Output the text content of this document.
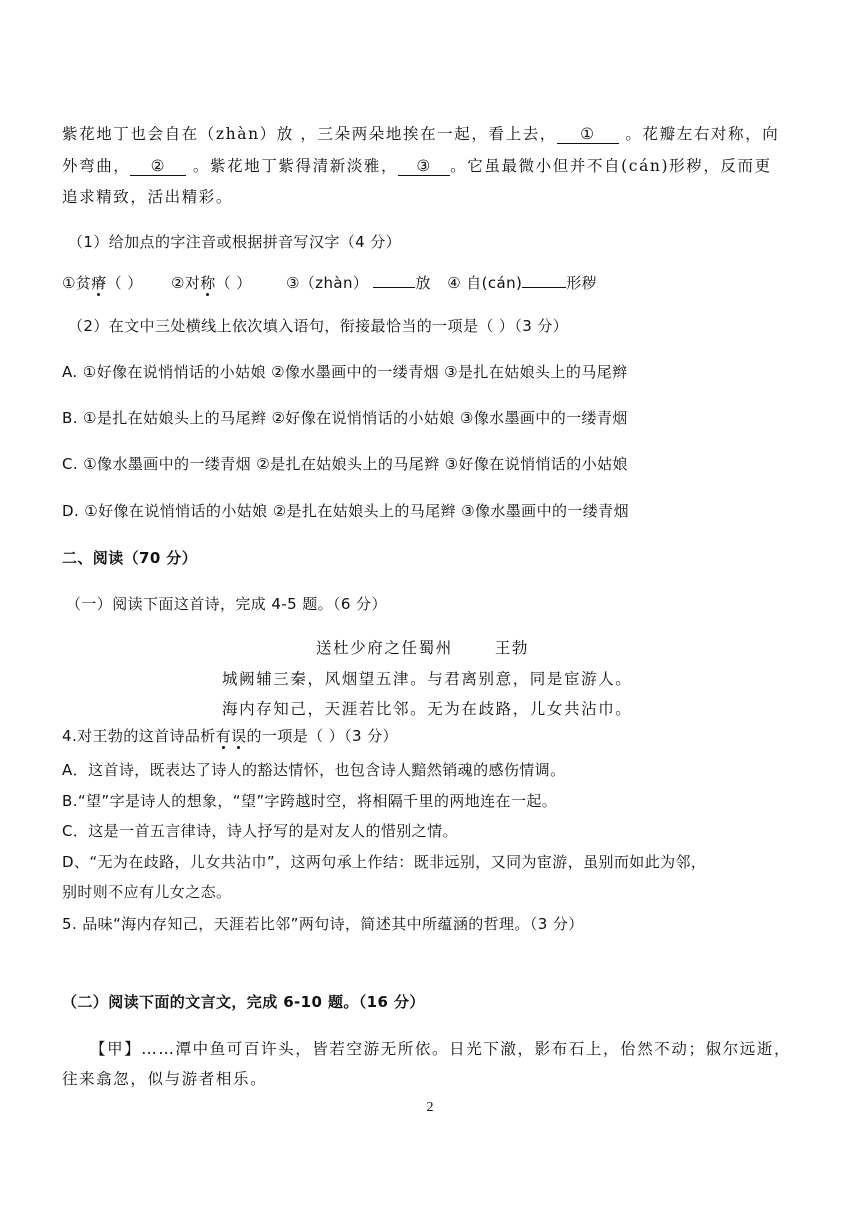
紫花地丁也会自在（zhàn）放 ，三朵两朵地挨在一起，看上去， ① 。花瓣左右对称，向
外弯曲， ② 。紫花地丁紫得清新淡雅， ③ 。它虽最微小但并不自(cán)形秽，反而更
追求精致，活出精彩。
（1）给加点的字注音或根据拼音写汉字（4 分）
①贫瘠（ ） ②对称（ ） ③（zhàn）	放 ④ 自(cán)	形秽
（2）在文中三处横线上依次填入语句，衔接最恰当的一项是（ ）（3 分）
A. ①好像在说悄悄话的小姑娘 ②像水墨画中的一缕青烟 ③是扎在姑娘头上的马尾辫
B. ①是扎在姑娘头上的马尾辫 ②好像在说悄悄话的小姑娘 ③像水墨画中的一缕青烟
C. ①像水墨画中的一缕青烟 ②是扎在姑娘头上的马尾辫 ③好像在说悄悄话的小姑娘
D. ①好像在说悄悄话的小姑娘 ②是扎在姑娘头上的马尾辫 ③像水墨画中的一缕青烟
二、阅读（70 分）
（一）阅读下面这首诗，完成 4-5 题。（6 分）
送杜少府之任蜀州	王勃
城阙辅三秦，风烟望五津。与君离别意，同是宦游人。
海内存知己，天涯若比邻。无为在歧路，儿女共沾巾。
4.对王勃的这首诗品析有误的一项是（ ）（3 分）
A．这首诗，既表达了诗人的豁达情怀，也包含诗人黯然销魂的感伤情调。
B.“望”字是诗人的想象，“望”字跨越时空，将相隔千里的两地连在一起。
C．这是一首五言律诗，诗人抒写的是对友人的惜别之情。
D、“无为在歧路，儿女共沾巾”，这两句承上作结：既非远别，又同为宦游，虽别而如此为邻，
别时则不应有儿女之态。
5. 品味“海内存知己，天涯若比邻”两句诗，简述其中所蕴涵的哲理。（3 分）
（二）阅读下面的文言文，完成 6-10 题。（16 分）
【甲】……潭中鱼可百许头，皆若空游无所依。日光下澈，影布石上，佁然不动；俶尔远逝，
往来翕忽，似与游者相乐。
2
